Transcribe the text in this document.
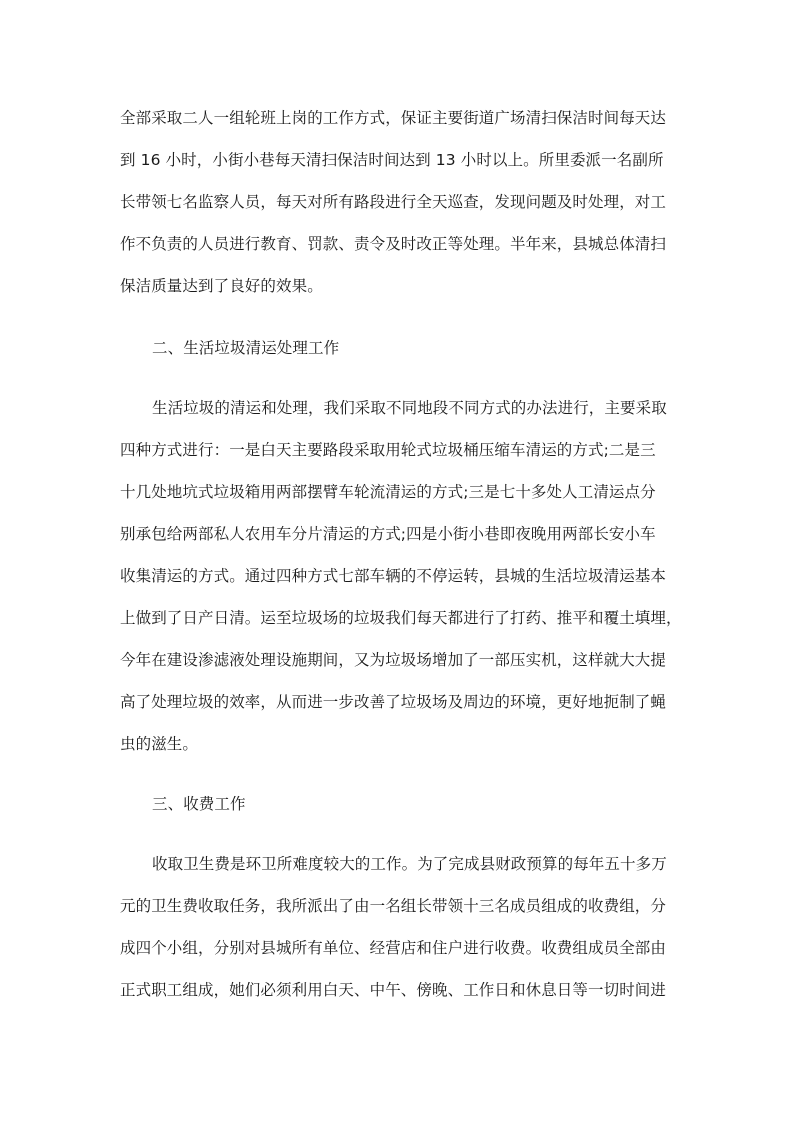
全部采取二人一组轮班上岗的工作方式，保证主要街道广场清扫保洁时间每天达
到 16 小时，小街小巷每天清扫保洁时间达到 13 小时以上。所里委派一名副所
长带领七名监察人员，每天对所有路段进行全天巡查，发现问题及时处理，对工
作不负责的人员进行教育、罚款、责令及时改正等处理。半年来，县城总体清扫
保洁质量达到了良好的效果。
二、生活垃圾清运处理工作
生活垃圾的清运和处理，我们采取不同地段不同方式的办法进行，主要采取
四种方式进行：一是白天主要路段采取用轮式垃圾桶压缩车清运的方式;二是三
十几处地坑式垃圾箱用两部摆臂车轮流清运的方式;三是七十多处人工清运点分
别承包给两部私人农用车分片清运的方式;四是小街小巷即夜晚用两部长安小车
收集清运的方式。通过四种方式七部车辆的不停运转，县城的生活垃圾清运基本
上做到了日产日清。运至垃圾场的垃圾我们每天都进行了打药、推平和覆土填埋，
今年在建设渗滤液处理设施期间，又为垃圾场增加了一部压实机，这样就大大提
高了处理垃圾的效率，从而进一步改善了垃圾场及周边的环境，更好地扼制了蝇
虫的滋生。
三、收费工作
收取卫生费是环卫所难度较大的工作。为了完成县财政预算的每年五十多万
元的卫生费收取任务，我所派出了由一名组长带领十三名成员组成的收费组，分
成四个小组，分别对县城所有单位、经营店和住户进行收费。收费组成员全部由
正式职工组成，她们必须利用白天、中午、傍晚、工作日和休息日等一切时间进
